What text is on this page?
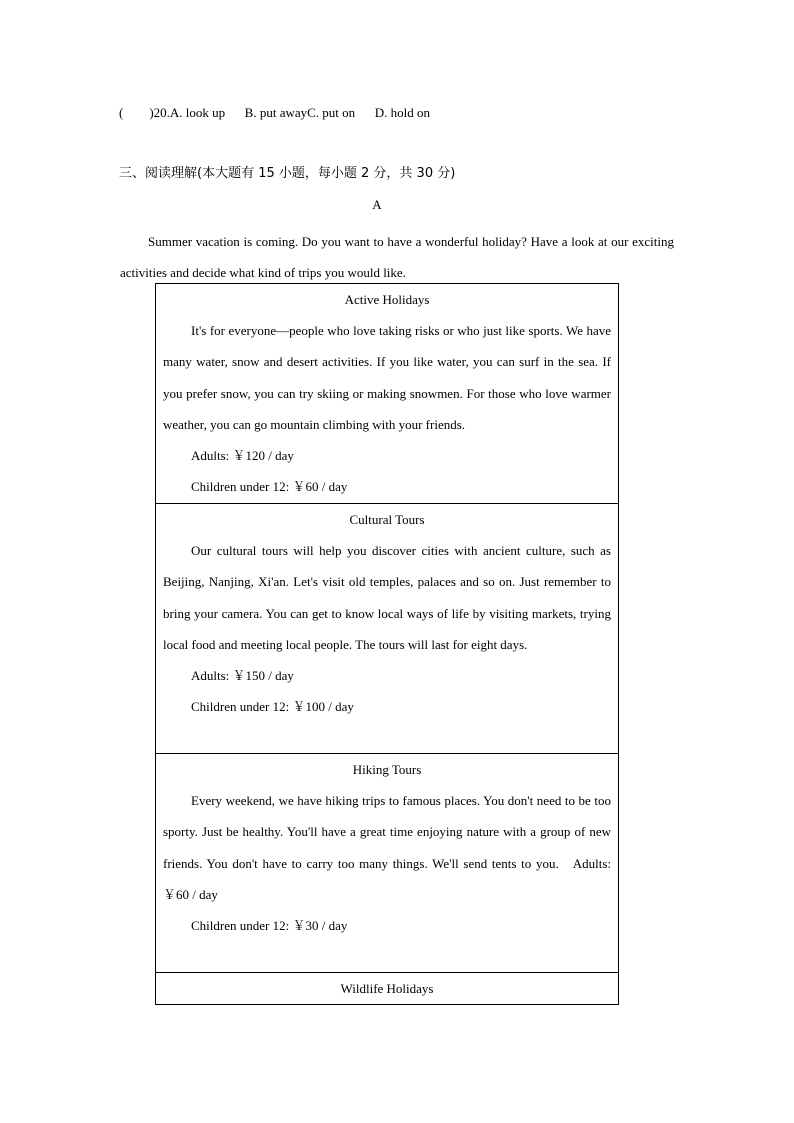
(        )20.A. look up B. put awayC. put on D. hold on
三、阅读理解(本大题有 15 小题，每小题 2 分，共 30 分)
A
Summer vacation is coming. Do you want to have a wonderful holiday? Have a look at our exciting activities and decide what kind of trips you would like.
Active Holidays
It's for everyone—people who love taking risks or who just like sports. We have many water, snow and desert activities. If you like water, you can surf in the sea. If you prefer snow, you can try skiing or making snowmen. For those who love warmer weather, you can go mountain climbing with your friends.
Adults: ￥120 / day
Children under 12: ￥60 / day
Cultural Tours
Our cultural tours will help you discover cities with ancient culture, such as Beijing, Nanjing, Xi'an. Let's visit old temples, palaces and so on. Just remember to bring your camera. You can get to know local ways of life by visiting markets, trying local food and meeting local people. The tours will last for eight days.
Adults: ￥150 / day
Children under 12: ￥100 / day
Hiking Tours
Every weekend, we have hiking trips to famous places. You don't need to be too sporty. Just be healthy. You'll have a great time enjoying nature with a group of new friends. You don't have to carry too many things. We'll send tents to you. Adults: ￥60 / day
Children under 12: ￥30 / day
Wildlife Holidays
